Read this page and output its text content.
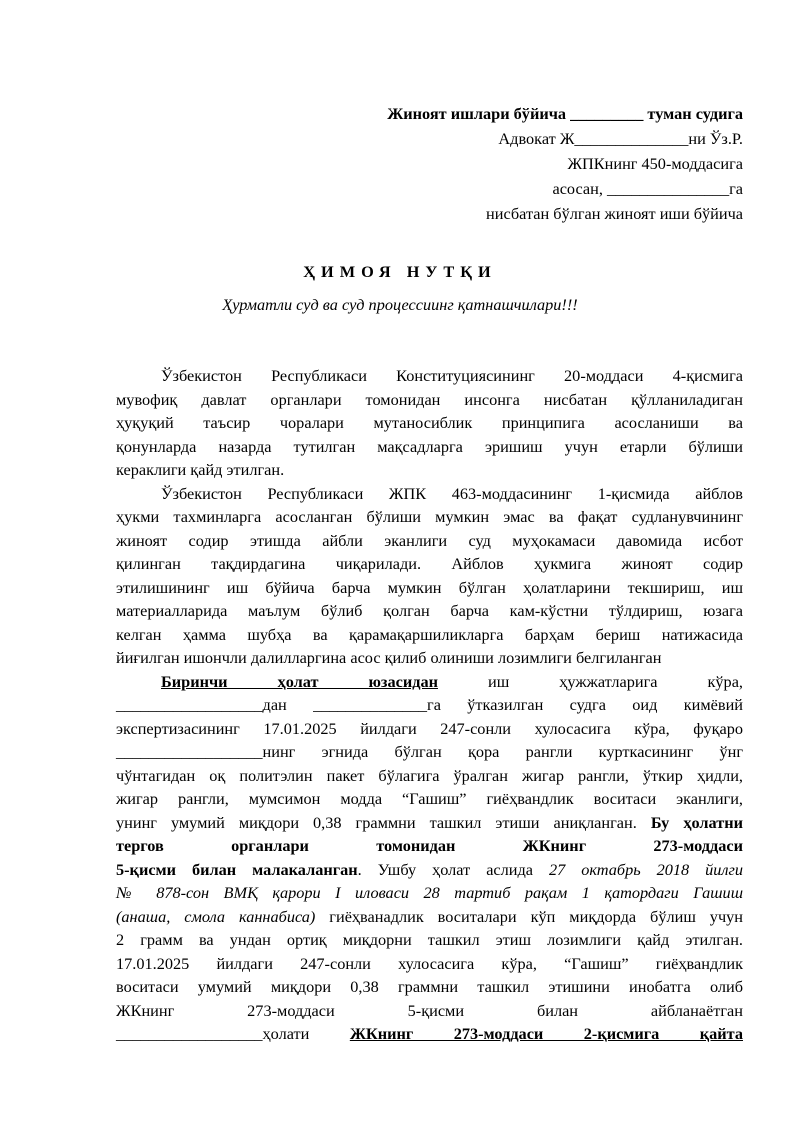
Жиноят ишлари бўйича _________ туман судига
Адвокат Ж______________ни Ўз.Р.
ЖПКнинг 450-моддасига
асосан, _______________га
нисбатан бўлган жиноят иши бўйича
ҲИМОЯ НУТҚИ
Ҳурматли суд ва суд процессиинг қатнашчилари!!!
Ўзбекистон Республикаси Конституциясининг 20-моддаси 4-қисмига
мувофиқ давлат органлари томонидан инсонга нисбатан қўлланиладиган
ҳуқуқий таъсир чоралари мутаносиблик принципига асосланиши ва
қонунларда назарда тутилган мақсадларга эришиш учун етарли бўлиши
кераклиги қайд этилган.
Ўзбекистон Республикаси ЖПК 463-моддасининг 1-қисмида айблов
ҳукми тахминларга асосланган бўлиши мумкин эмас ва фақат судланувчининг
жиноят содир этишда айбли эканлиги суд муҳокамаси давомида исбот
қилинган тақдирдагина чиқарилади. Айблов ҳукмига жиноят содир
этилишининг иш бўйича барча мумкин бўлган ҳолатларини текшириш, иш
материалларида маълум бўлиб қолган барча кам-кўстни тўлдириш, юзага
келган ҳамма шубҳа ва қарамақаршиликларга барҳам бериш натижасида
йиғилган ишончли далилларгина асос қилиб олиниши лозимлиги белгиланган
Биринчи ҳолат юзасидан	иш ҳужжатларига кўра,
__________________дан ______________га ўтказилган судга оид кимёвий
экспертизасининг 17.01.2025 йилдаги 247-сонли хулосасига кўра, фуқаро
__________________нинг эгнида бўлган қора рангли курткасининг ўнг
чўнтагидан оқ политэлин пакет бўлагига ўралган жигар рангли, ўткир ҳидли,
жигар рангли, мумсимон модда “Гашиш” гиёҳвандлик воситаси эканлиги,
унинг умумий миқдори 0,38 граммни ташкил этиши аниқланган. Бу ҳолатни
тергов органлари томонидан ЖКнинг 273-моддаси
5-қисми билан малакаланган. Ушбу ҳолат аслида 27 октабрь 2018 йилги
№ 878-сон ВМҚ қарори I иловаси 28 тартиб рақам 1 қатордаги Гашиш
(анаша, смола каннабиса) гиёҳванадлик воситалари кўп миқдорда бўлиш учун
2 грамм ва ундан ортиқ миқдорни ташкил этиш лозимлиги қайд этилган.
17.01.2025 йилдаги 247-сонли хулосасига кўра, “Гашиш” гиёҳвандлик
воситаси умумий миқдори 0,38 граммни ташкил этишини инобатга олиб
ЖКнинг 273-моддаси 5-қисми билан айбланаётган
__________________ҳолати ЖКнинг 273-моддаси 2-қисмига қайта
